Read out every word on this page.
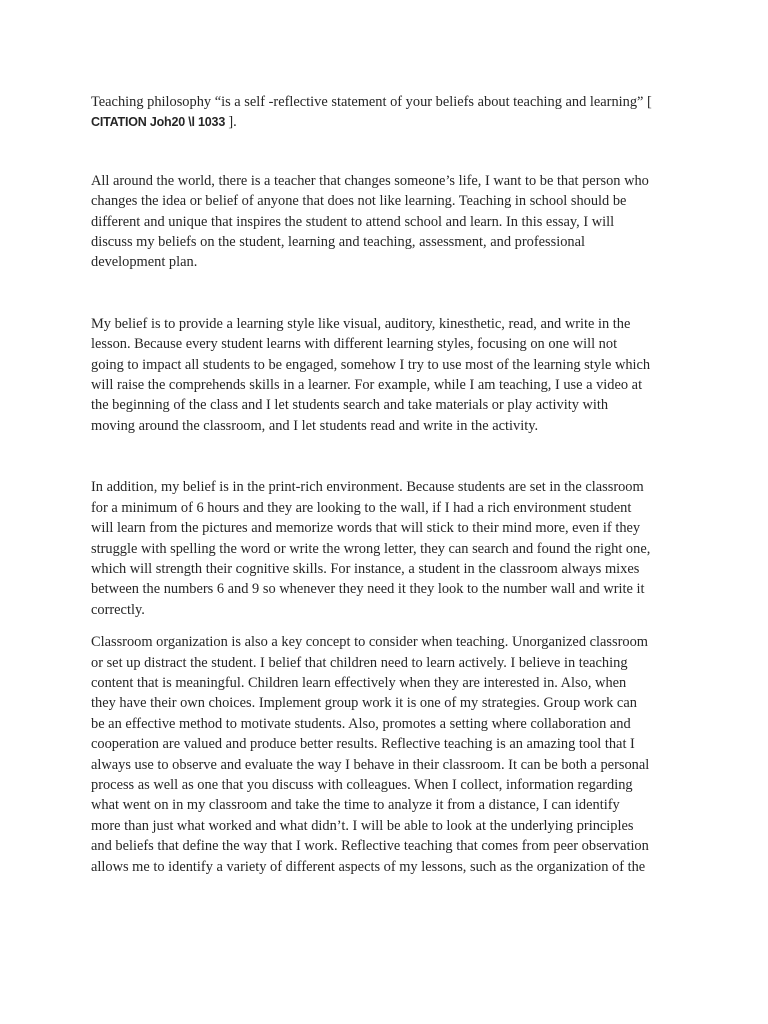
Teaching philosophy “is a self -reflective statement of your beliefs about teaching and learning” [
CITATION Joh20 \l 1033 ].
All around the world, there is a teacher that changes someone’s life, I want to be that person who
changes the idea or belief of anyone that does not like learning. Teaching in school should be
different and unique that inspires the student to attend school and learn. In this essay, I will
discuss my beliefs on the student, learning and teaching, assessment, and professional
development plan.
My belief is to provide a learning style like visual, auditory, kinesthetic, read, and write in the
lesson. Because every student learns with different learning styles, focusing on one will not
going to impact all students to be engaged, somehow I try to use most of the learning style which
will raise the comprehends skills in a learner. For example, while I am teaching, I use a video at
the beginning of the class and I let students search and take materials or play activity with
moving around the classroom, and I let students read and write in the activity.
In addition, my belief is in the print-rich environment. Because students are set in the classroom
for a minimum of 6 hours and they are looking to the wall, if I had a rich environment student
will learn from the pictures and memorize words that will stick to their mind more, even if they
struggle with spelling the word or write the wrong letter, they can search and found the right one,
which will strength their cognitive skills. For instance, a student in the classroom always mixes
between the numbers 6 and 9 so whenever they need it they look to the number wall and write it
correctly.
Classroom organization is also a key concept to consider when teaching. Unorganized classroom
or set up distract the student. I belief that children need to learn actively. I believe in teaching
content that is meaningful. Children learn effectively when they are interested in. Also, when
they have their own choices. Implement group work it is one of my strategies. Group work can
be an effective method to motivate students. Also, promotes a setting where collaboration and
cooperation are valued and produce better results. Reflective teaching is an amazing tool that I
always use to observe and evaluate the way I behave in their classroom. It can be both a personal
process as well as one that you discuss with colleagues. When I collect, information regarding
what went on in my classroom and take the time to analyze it from a distance, I can identify
more than just what worked and what didn’t. I will be able to look at the underlying principles
and beliefs that define the way that I work. Reflective teaching that comes from peer observation
allows me to identify a variety of different aspects of my lessons, such as the organization of the
